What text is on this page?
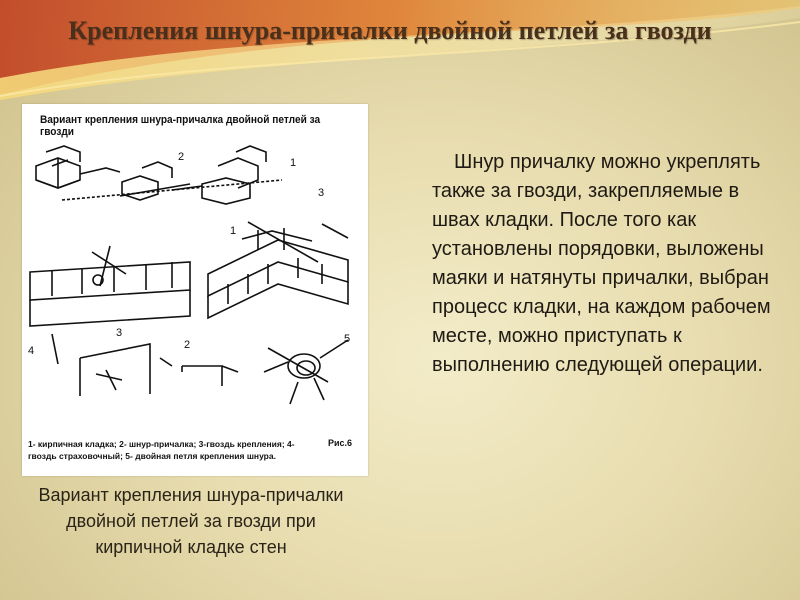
Крепления шнура-причалки двойной петлей за гвозди
Вариант крепления шнура-причалка двойной петлей за гвозди
2	1
3
1
3
4	2	5
1- кирпичная кладка; 2- шнур-причалка; 3-гвоздь крепления; 4- гвоздь страховочный; 5- двойная петля крепления шнура.
Рис.6
Вариант крепления шнура-причалки двойной петлей за гвозди при кирпичной кладке стен
Шнур причалку можно укреплять также за гвозди, закрепляемые в швах кладки. После того как установлены порядовки, выложены маяки и натянуты причалки, выбран процесс кладки, на каждом рабочем месте, можно приступать к выполнению следующей операции.
